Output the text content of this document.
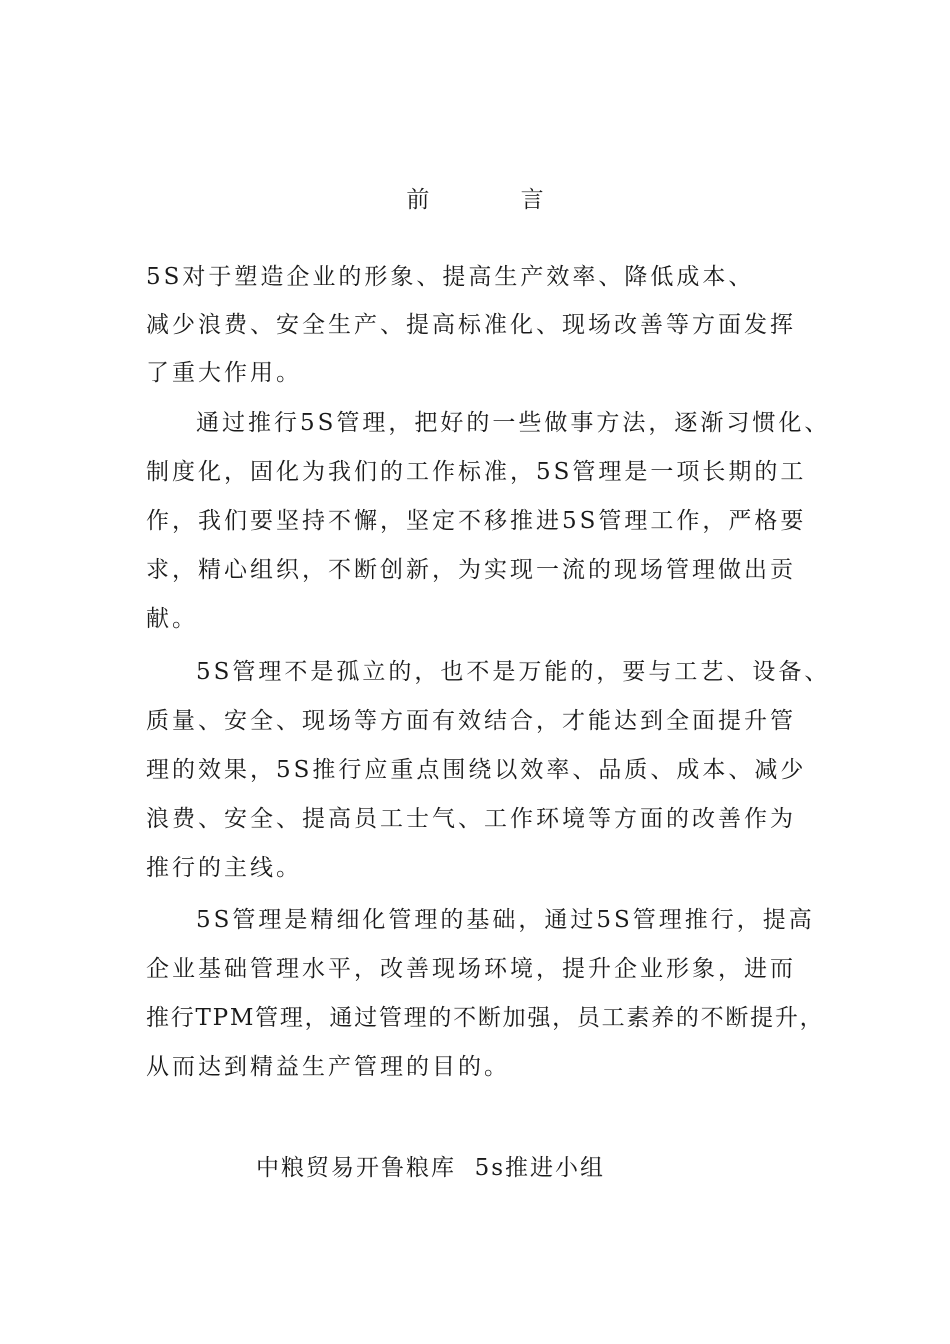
前 言
5S对于塑造企业的形象、提高生产效率、降低成本、
减少浪费、安全生产、提高标准化、现场改善等方面发挥
了重大作用。
通过推行5S管理，把好的一些做事方法，逐渐习惯化、
制度化，固化为我们的工作标准，5S管理是一项长期的工
作，我们要坚持不懈，坚定不移推进5S管理工作，严格要
求，精心组织，不断创新，为实现一流的现场管理做出贡
献。
5S管理不是孤立的，也不是万能的，要与工艺、设备、
质量、安全、现场等方面有效结合，才能达到全面提升管
理的效果，5S推行应重点围绕以效率、品质、成本、减少
浪费、安全、提高员工士气、工作环境等方面的改善作为
推行的主线。
5S管理是精细化管理的基础，通过5S管理推行，提高
企业基础管理水平，改善现场环境，提升企业形象，进而
推行TPM管理，通过管理的不断加强，员工素养的不断提升，
从而达到精益生产管理的目的。
中粮贸易开鲁粮库  5s推进小组
